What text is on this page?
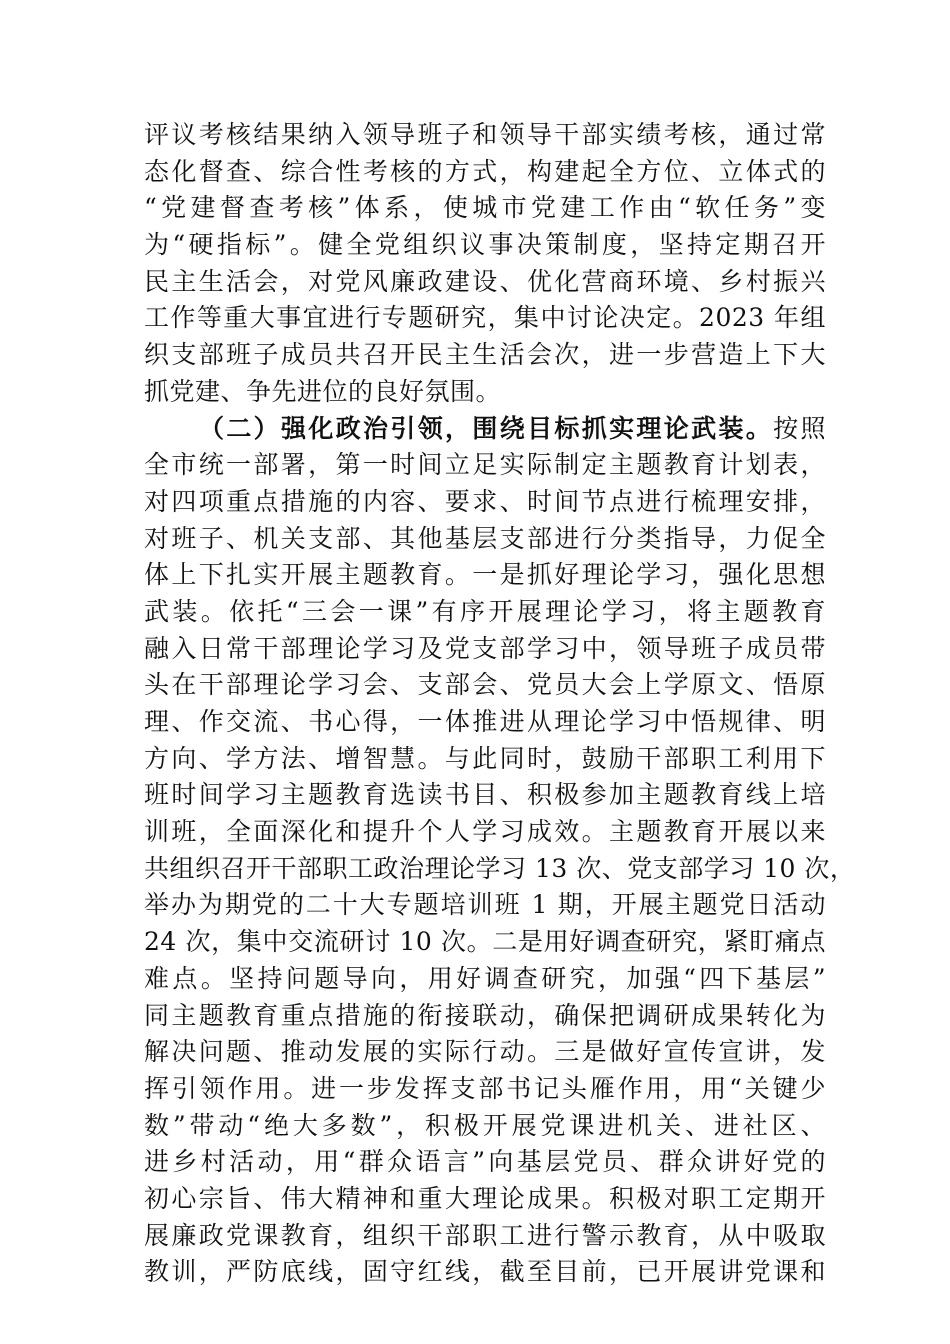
评议考核结果纳入领导班子和领导干部实绩考核，通过常
态化督查、综合性考核的方式，构建起全方位、立体式的
“党建督查考核”体系，使城市党建工作由“软任务”变
为“硬指标”。健全党组织议事决策制度，坚持定期召开
民主生活会，对党风廉政建设、优化营商环境、乡村振兴
工作等重大事宜进行专题研究，集中讨论决定。2023 年组
织支部班子成员共召开民主生活会次，进一步营造上下大
抓党建、争先进位的良好氛围。
（二）强化政治引领，围绕目标抓实理论武装。按照
全市统一部署，第一时间立足实际制定主题教育计划表，
对四项重点措施的内容、要求、时间节点进行梳理安排，
对班子、机关支部、其他基层支部进行分类指导，力促全
体上下扎实开展主题教育。一是抓好理论学习，强化思想
武装。依托“三会一课”有序开展理论学习，将主题教育
融入日常干部理论学习及党支部学习中，领导班子成员带
头在干部理论学习会、支部会、党员大会上学原文、悟原
理、作交流、书心得，一体推进从理论学习中悟规律、明
方向、学方法、增智慧。与此同时，鼓励干部职工利用下
班时间学习主题教育选读书目、积极参加主题教育线上培
训班，全面深化和提升个人学习成效。主题教育开展以来
共组织召开干部职工政治理论学习 13 次、党支部学习 10 次，
举办为期党的二十大专题培训班 1 期，开展主题党日活动
24 次，集中交流研讨 10 次。二是用好调查研究，紧盯痛点
难点。坚持问题导向，用好调查研究，加强“四下基层”
同主题教育重点措施的衔接联动，确保把调研成果转化为
解决问题、推动发展的实际行动。三是做好宣传宣讲，发
挥引领作用。进一步发挥支部书记头雁作用，用“关键少
数”带动“绝大多数”，积极开展党课进机关、进社区、
进乡村活动，用“群众语言”向基层党员、群众讲好党的
初心宗旨、伟大精神和重大理论成果。积极对职工定期开
展廉政党课教育，组织干部职工进行警示教育，从中吸取
教训，严防底线，固守红线，截至目前，已开展讲党课和
